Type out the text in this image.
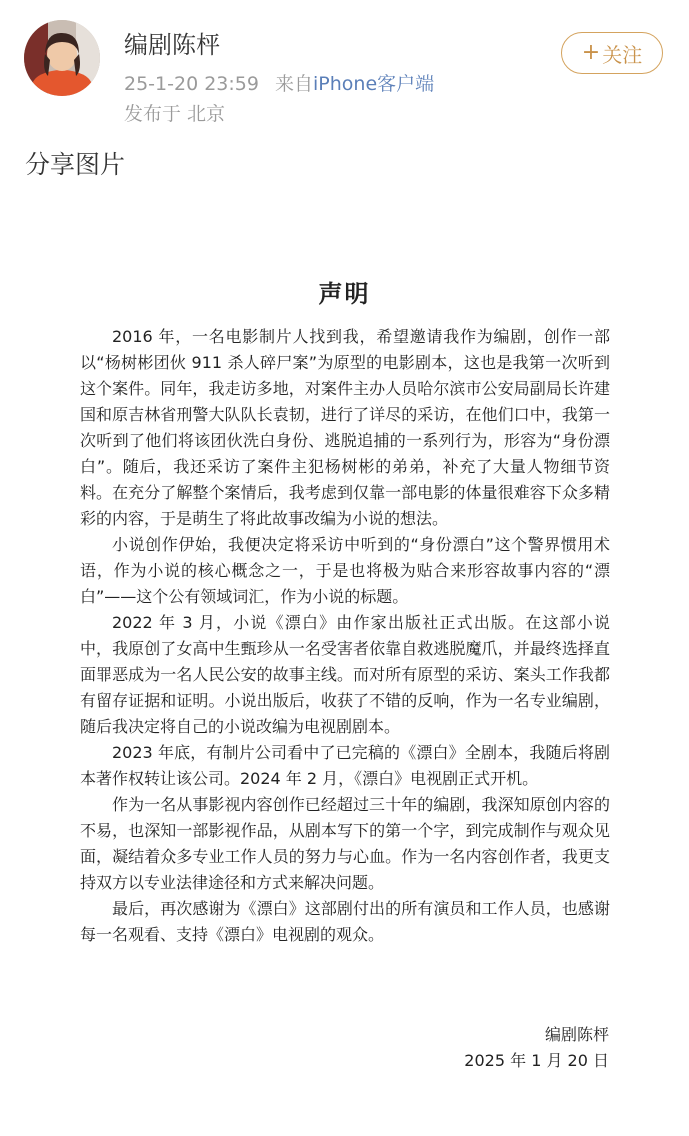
编剧陈枰
25-1-20 23:59 来自iPhone客户端
发布于 北京
+ 关注
分享图片
声明

2016 年，一名电影制片人找到我，希望邀请我作为编剧，创作一部以“杨树彬团伙 911 杀人碎尸案”为原型的电影剧本，这也是我第一次听到这个案件。同年，我走访多地，对案件主办人员哈尔滨市公安局副局长许建国和原吉林省刑警大队队长袁韧，进行了详尽的采访，在他们口中，我第一次听到了他们将该团伙洗白身份、逃脱追捕的一系列行为，形容为“身份漂白”。随后，我还采访了案件主犯杨树彬的弟弟，补充了大量人物细节资料。在充分了解整个案情后，我考虑到仅靠一部电影的体量很难容下众多精彩的内容，于是萌生了将此故事改编为小说的想法。

小说创作伊始，我便决定将采访中听到的“身份漂白”这个警界惯用术语，作为小说的核心概念之一，于是也将极为贴合来形容故事内容的“漂白”——这个公有领域词汇，作为小说的标题。

2022 年 3 月，小说《漂白》由作家出版社正式出版。在这部小说中，我原创了女高中生甄珍从一名受害者依靠自救逃脱魔爪，并最终选择直面罪恶成为一名人民公安的故事主线。而对所有原型的采访、案头工作我都有留存证据和证明。小说出版后，收获了不错的反响，作为一名专业编剧，随后我决定将自己的小说改编为电视剧剧本。

2023 年底，有制片公司看中了已完稿的《漂白》全剧本，我随后将剧本著作权转让该公司。2024 年 2 月，《漂白》电视剧正式开机。

作为一名从事影视内容创作已经超过三十年的编剧，我深知原创内容的不易，也深知一部影视作品，从剧本写下的第一个字，到完成制作与观众见面，凝结着众多专业工作人员的努力与心血。作为一名内容创作者，我更支持双方以专业法律途径和方式来解决问题。

最后，再次感谢为《漂白》这部剧付出的所有演员和工作人员，也感谢每一名观看、支持《漂白》电视剧的观众。

编剧陈枰
2025 年 1 月 20 日
